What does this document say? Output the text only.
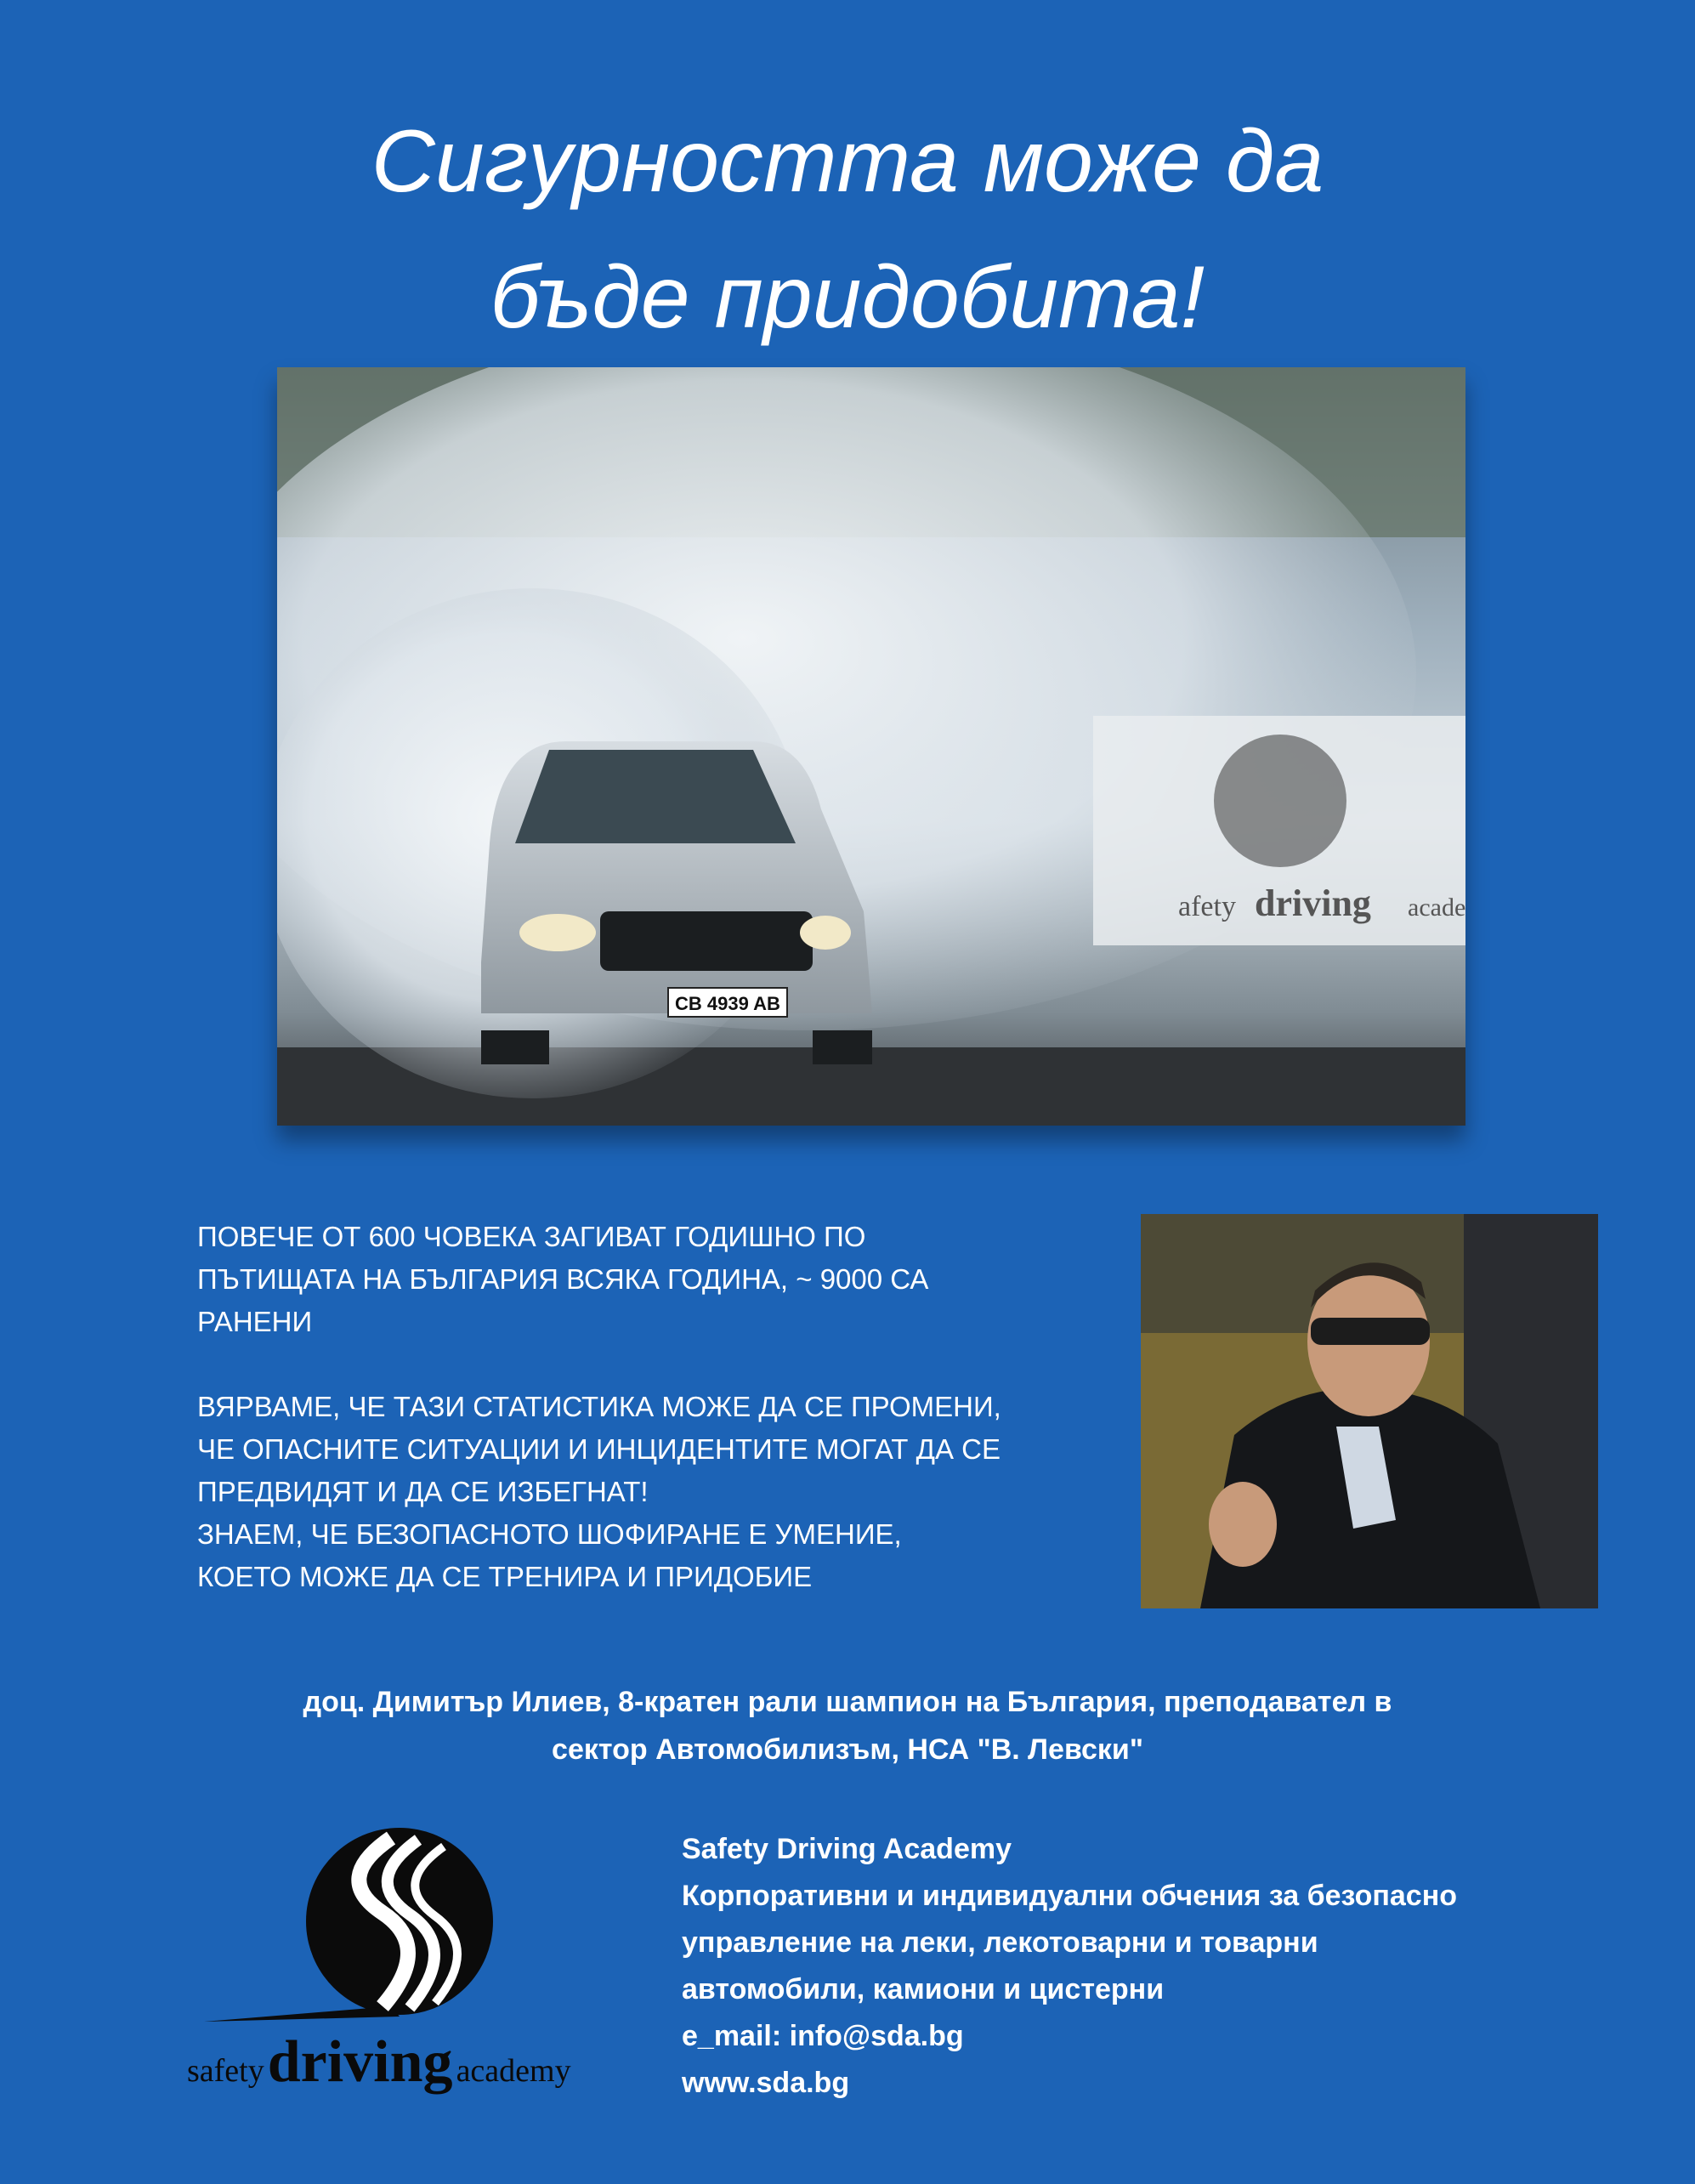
Сигурността може да
бъде придобита!
afety driving acade
CB 4939 AB

ПОВЕЧЕ ОТ 600 ЧОВЕКА ЗАГИВАТ ГОДИШНО ПО

ПЪТИЩАТА НА БЪЛГАРИЯ ВСЯКА ГОДИНА, ~ 9000 СА

РАНЕНИ

ВЯРВАМЕ, ЧЕ ТАЗИ СТАТИСТИКА МОЖЕ ДА СЕ ПРОМЕНИ,

ЧЕ ОПАСНИТЕ СИТУАЦИИ И ИНЦИДЕНТИТЕ МОГАТ ДА СЕ

ПРЕДВИДЯТ И ДА СЕ ИЗБЕГНАТ!

ЗНАЕМ, ЧЕ БЕЗОПАСНОТО ШОФИРАНЕ Е УМЕНИЕ,

КОЕТО МОЖЕ ДА СЕ ТРЕНИРА И ПРИДОБИЕ

доц. Димитър Илиев, 8-кратен рали шампион на България, преподавател в

сектор Автомобилизъм, НСА "В. Левски"

safety driving academy

Safety Driving Academy

Корпоративни и индивидуални обчения за безопасно

управление на леки, лекотоварни и товарни

автомобили, камиони и цистерни

e_mail: info@sda.bg

www.sda.bg
